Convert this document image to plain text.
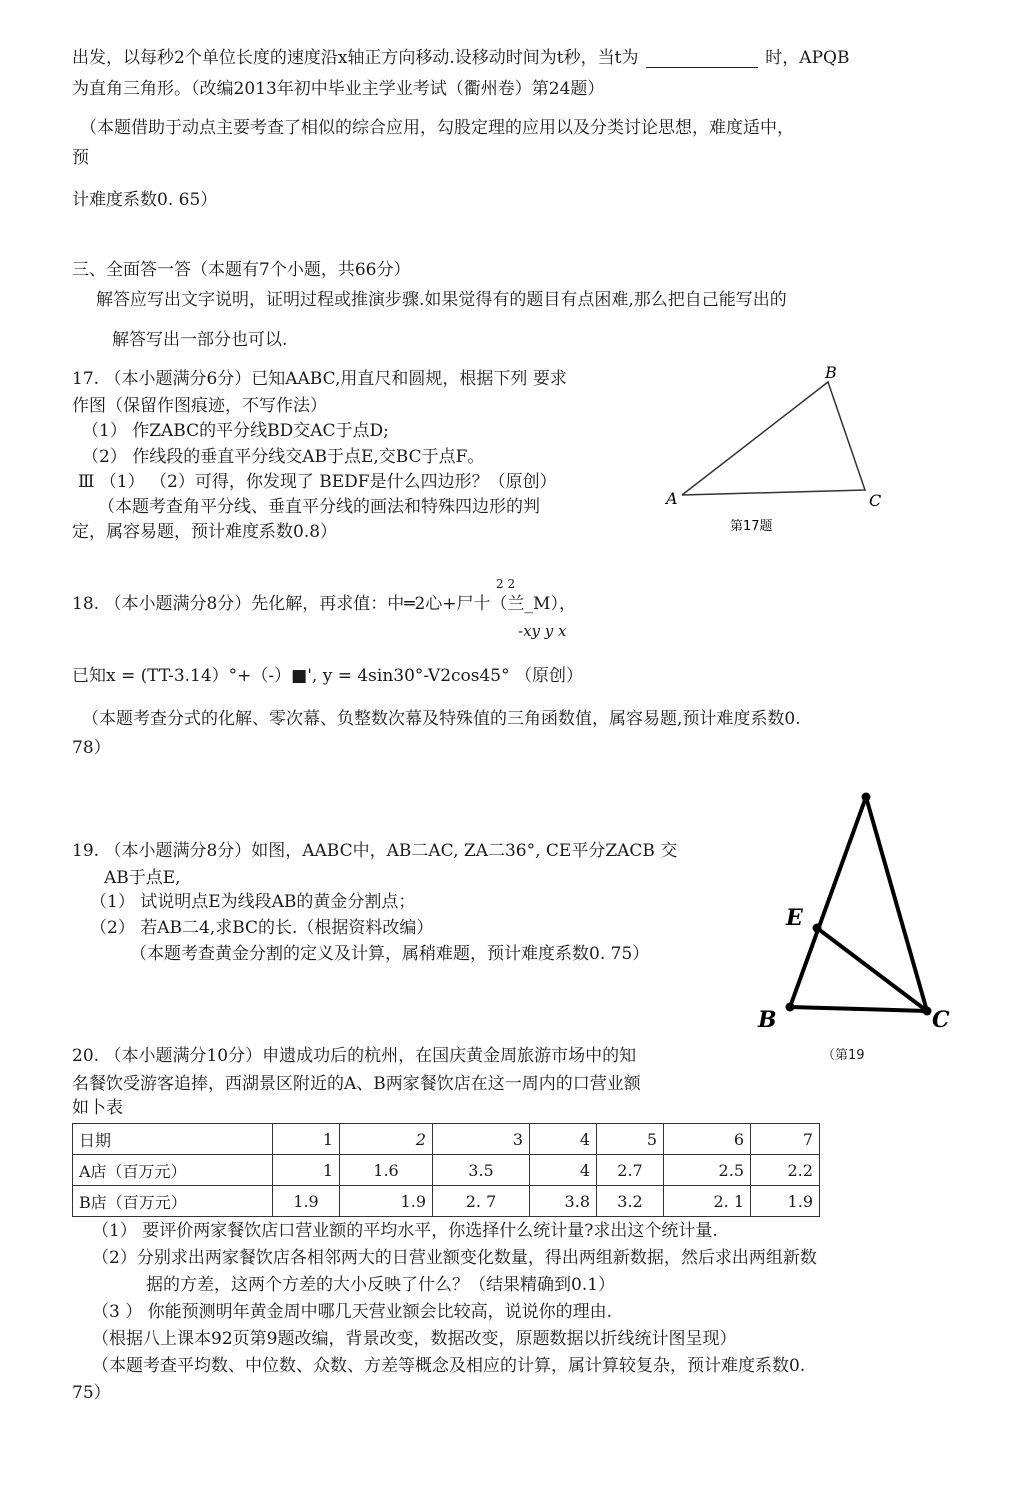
出发，以每秒2个单位长度的速度沿x轴正方向移动.设移动时间为t秒，当t为	时，APQB
为直角三角形。（改编2013年初中毕业主学业考试（衢州卷）第24题）
（本题借助于动点主要考查了相似的综合应用，勾股定理的应用以及分类讨论思想，难度适中，
预
计难度系数0. 65）
三、全面答一答（本题有7个小题，共66分）
解答应写出文字说明，证明过程或推演步骤.如果觉得有的题目有点困难,那么把自己能写出的
解答写出一部分也可以.
17. （本小题满分6分）已知AABC,用直尺和圆规，根据下列 要求
作图（保留作图痕迹，不写作法）
（1） 作ZABC的平分线BD交AC于点D;
（2） 作线段的垂直平分线交AB于点E,交BC于点F。
Ⅲ （1） （2）可得，你发现了 BEDF是什么四边形？（原创）
（本题考查角平分线、垂直平分线的画法和特殊四边形的判
定，属容易题，预计难度系数0.8）
A
B
C
第17题
2 2
18. （本小题满分8分）先化解，再求值：中═2心+尸十（兰_M），
-xy y x
已知x = (TT-3.14）°+（-）■', y = 4sin30°-V2cos45° （原创）
（本题考查分式的化解、零次幕、负整数次幕及特殊值的三角函数值，属容易题,预计难度系数0.
78）
19. （本小题满分8分）如图，AABC中，AB二AC, ZA二36°, CE平分ZACB 交
AB于点E,
（1） 试说明点E为线段AB的黄金分割点；
（2） 若AB二4,求BC的长.（根据资料改编）
（本题考查黄金分割的定义及计算，属稍难题，预计难度系数0. 75）
E
B	C
（第19
20. （本小题满分10分）申遗成功后的杭州，在国庆黄金周旅游市场中的知
名餐饮受游客追捧，西湖景区附近的A、B两家餐饮店在这一周内的口营业额
如卜表
日期	1	2	3	4	5	6	7
A店（百万元）	1	1.6	3.5	4	2.7	2.5	2.2
B店（百万元）	1.9	1.9	2. 7	3.8	3.2	2. 1	1.9
（1） 要评价两家餐饮店口营业额的平均水平，你选择什么统计量?求出这个统计量.
（2）分别求出两家餐饮店各相邻两大的日营业额变化数量，得出两组新数据，然后求出两组新数
据的方差，这两个方差的大小反映了什么？（结果精确到0.1）
（3 ） 你能预测明年黄金周中哪几天营业额会比较高，说说你的理由.
（根据八上课本92页第9题改编，背景改变，数据改变，原题数据以折线统计图呈现）
（本题考查平均数、中位数、众数、方差等概念及相应的计算，属计算较复杂，预计难度系数0.
75）
